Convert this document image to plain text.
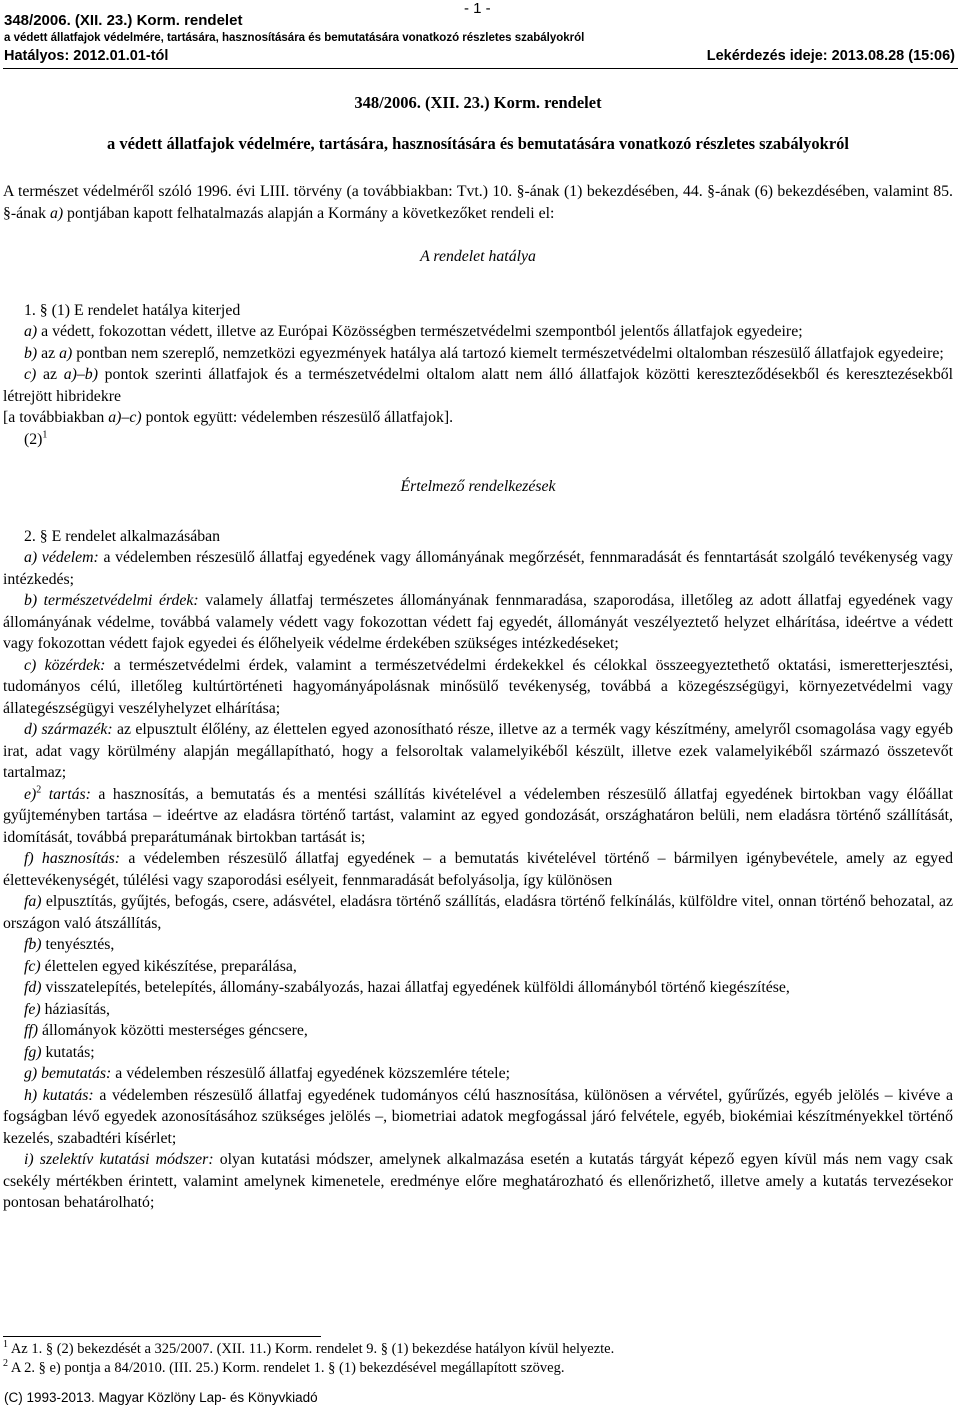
- 1 -
348/2006. (XII. 23.) Korm. rendelet
a védett állatfajok védelmére, tartására, hasznosítására és bemutatására vonatkozó részletes szabályokról
Hatályos: 2012.01.01-tól	Lekérdezés ideje: 2013.08.28 (15:06)
348/2006. (XII. 23.) Korm. rendelet
a védett állatfajok védelmére, tartására, hasznosítására és bemutatására vonatkozó részletes szabályokról

A természet védelméről szóló 1996. évi LIII. törvény (a továbbiakban: Tvt.) 10. §-ának (1) bekezdésében, 44. §-ának (6) bekezdésében, valamint 85. §-ának a) pontjában kapott felhatalmazás alapján a Kormány a következőket rendeli el:

A rendelet hatálya

1. § (1) E rendelet hatálya kiterjed

a) a védett, fokozottan védett, illetve az Európai Közösségben természetvédelmi szempontból jelentős állatfajok egyedeire;

b) az a) pontban nem szereplő, nemzetközi egyezmények hatálya alá tartozó kiemelt természetvédelmi oltalomban részesülő állatfajok egyedeire;

c) az a)–b) pontok szerinti állatfajok és a természetvédelmi oltalom alatt nem álló állatfajok közötti kereszteződésekből és keresztezésekből létrejött hibridekre

[a továbbiakban a)–c) pontok együtt: védelemben részesülő állatfajok].

$(2)^1$

Értelmező rendelkezések

2. § E rendelet alkalmazásában

a) védelem: a védelemben részesülő állatfaj egyedének vagy állományának megőrzését, fennmaradását és fenntartását szolgáló tevékenység vagy intézkedés;

b) természetvédelmi érdek: valamely állatfaj természetes állományának fennmaradása, szaporodása, illetőleg az adott állatfaj egyedének vagy állományának védelme, továbbá valamely védett vagy fokozottan védett faj egyedét, állományát veszélyeztető helyzet elhárítása, ideértve a védett vagy fokozottan védett fajok egyedei és élőhelyeik védelme érdekében szükséges intézkedéseket;

c) közérdek: a természetvédelmi érdek, valamint a természetvédelmi érdekekkel és célokkal összeegyeztethető oktatási, ismeretterjesztési, tudományos célú, illetőleg kultúrtörténeti hagyományápolásnak minősülő tevékenység, továbbá a közegészségügyi, környezetvédelmi vagy állategészségügyi veszélyhelyzet elhárítása;

d) származék: az elpusztult élőlény, az élettelen egyed azonosítható része, illetve az a termék vagy készítmény, amelyről csomagolása vagy egyéb irat, adat vagy körülmény alapján megállapítható, hogy a felsoroltak valamelyikéből készült, illetve ezek valamelyikéből származó összetevőt tartalmaz;

e)$^2$ tartás: a hasznosítás, a bemutatás és a mentési szállítás kivételével a védelemben részesülő állatfaj egyedének birtokban vagy élőállat gyűjteményben tartása – ideértve az eladásra történő tartást, valamint az egyed gondozását, országhatáron belüli, nem eladásra történő szállítását, idomítását, továbbá preparátumának birtokban tartását is;

f) hasznosítás: a védelemben részesülő állatfaj egyedének – a bemutatás kivételével történő – bármilyen igénybevétele, amely az egyed élettevékenységét, túlélési vagy szaporodási esélyeit, fennmaradását befolyásolja, így különösen

fa) elpusztítás, gyűjtés, befogás, csere, adásvétel, eladásra történő szállítás, eladásra történő felkínálás, külföldre vitel, onnan történő behozatal, az országon való átszállítás,

fb) tenyésztés,

fc) élettelen egyed kikészítése, preparálása,

fd) visszatelepítés, betelepítés, állomány-szabályozás, hazai állatfaj egyedének külföldi állományból történő kiegészítése,

fe) háziasítás,

ff) állományok közötti mesterséges géncsere,

fg) kutatás;

g) bemutatás: a védelemben részesülő állatfaj egyedének közszemlére tétele;

h) kutatás: a védelemben részesülő állatfaj egyedének tudományos célú hasznosítása, különösen a vérvétel, gyűrűzés, egyéb jelölés – kivéve a fogságban lévő egyedek azonosításához szükséges jelölés –, biometriai adatok megfogással járó felvétele, egyéb, biokémiai készítményekkel történő kezelés, szabadtéri kísérlet;

i) szelektív kutatási módszer: olyan kutatási módszer, amelynek alkalmazása esetén a kutatás tárgyát képező egyen kívül más nem vagy csak csekély mértékben érintett, valamint amelynek kimenetele, eredménye előre meghatározható és ellenőrizhető, illetve amely a kutatás tervezésekor pontosan behatárolható;

$^1$ Az 1. § (2) bekezdését a 325/2007. (XII. 11.) Korm. rendelet 9. § (1) bekezdése hatályon kívül helyezte.
$^2$ A 2. § e) pontja a 84/2010. (III. 25.) Korm. rendelet 1. § (1) bekezdésével megállapított szöveg.
(C) 1993-2013. Magyar Közlöny Lap- és Könyvkiadó
